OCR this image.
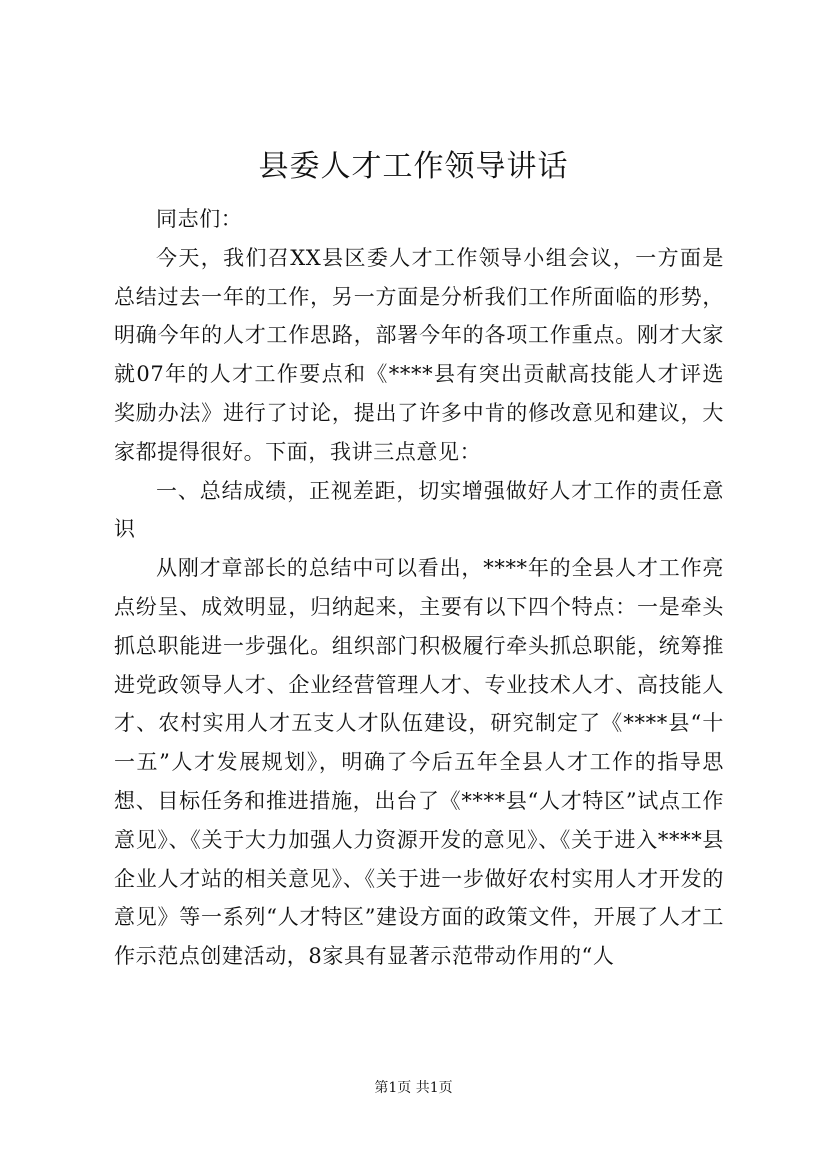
县委人才工作领导讲话

同志们：

今天，我们召XX县区委人才工作领导小组会议，一方面是总结过去一年的工作，另一方面是分析我们工作所面临的形势，明确今年的人才工作思路，部署今年的各项工作重点。刚才大家就07年的人才工作要点和《****县有突出贡献高技能人才评选奖励办法》进行了讨论，提出了许多中肯的修改意见和建议，大家都提得很好。下面，我讲三点意见：

一、总结成绩，正视差距，切实增强做好人才工作的责任意识

从刚才章部长的总结中可以看出，****年的全县人才工作亮点纷呈、成效明显，归纳起来，主要有以下四个特点：一是牵头抓总职能进一步强化。组织部门积极履行牵头抓总职能，统筹推进党政领导人才、企业经营管理人才、专业技术人才、高技能人才、农村实用人才五支人才队伍建设，研究制定了《****县“十一五”人才发展规划》，明确了今后五年全县人才工作的指导思想、目标任务和推进措施，出台了《****县“人才特区”试点工作意见》、《关于大力加强人力资源开发的意见》、《关于进入****县企业人才站的相关意见》、《关于进一步做好农村实用人才开发的意见》等一系列“人才特区”建设方面的政策文件，开展了人才工作示范点创建活动，8家具有显著示范带动作用的“人

第1页 共1页
